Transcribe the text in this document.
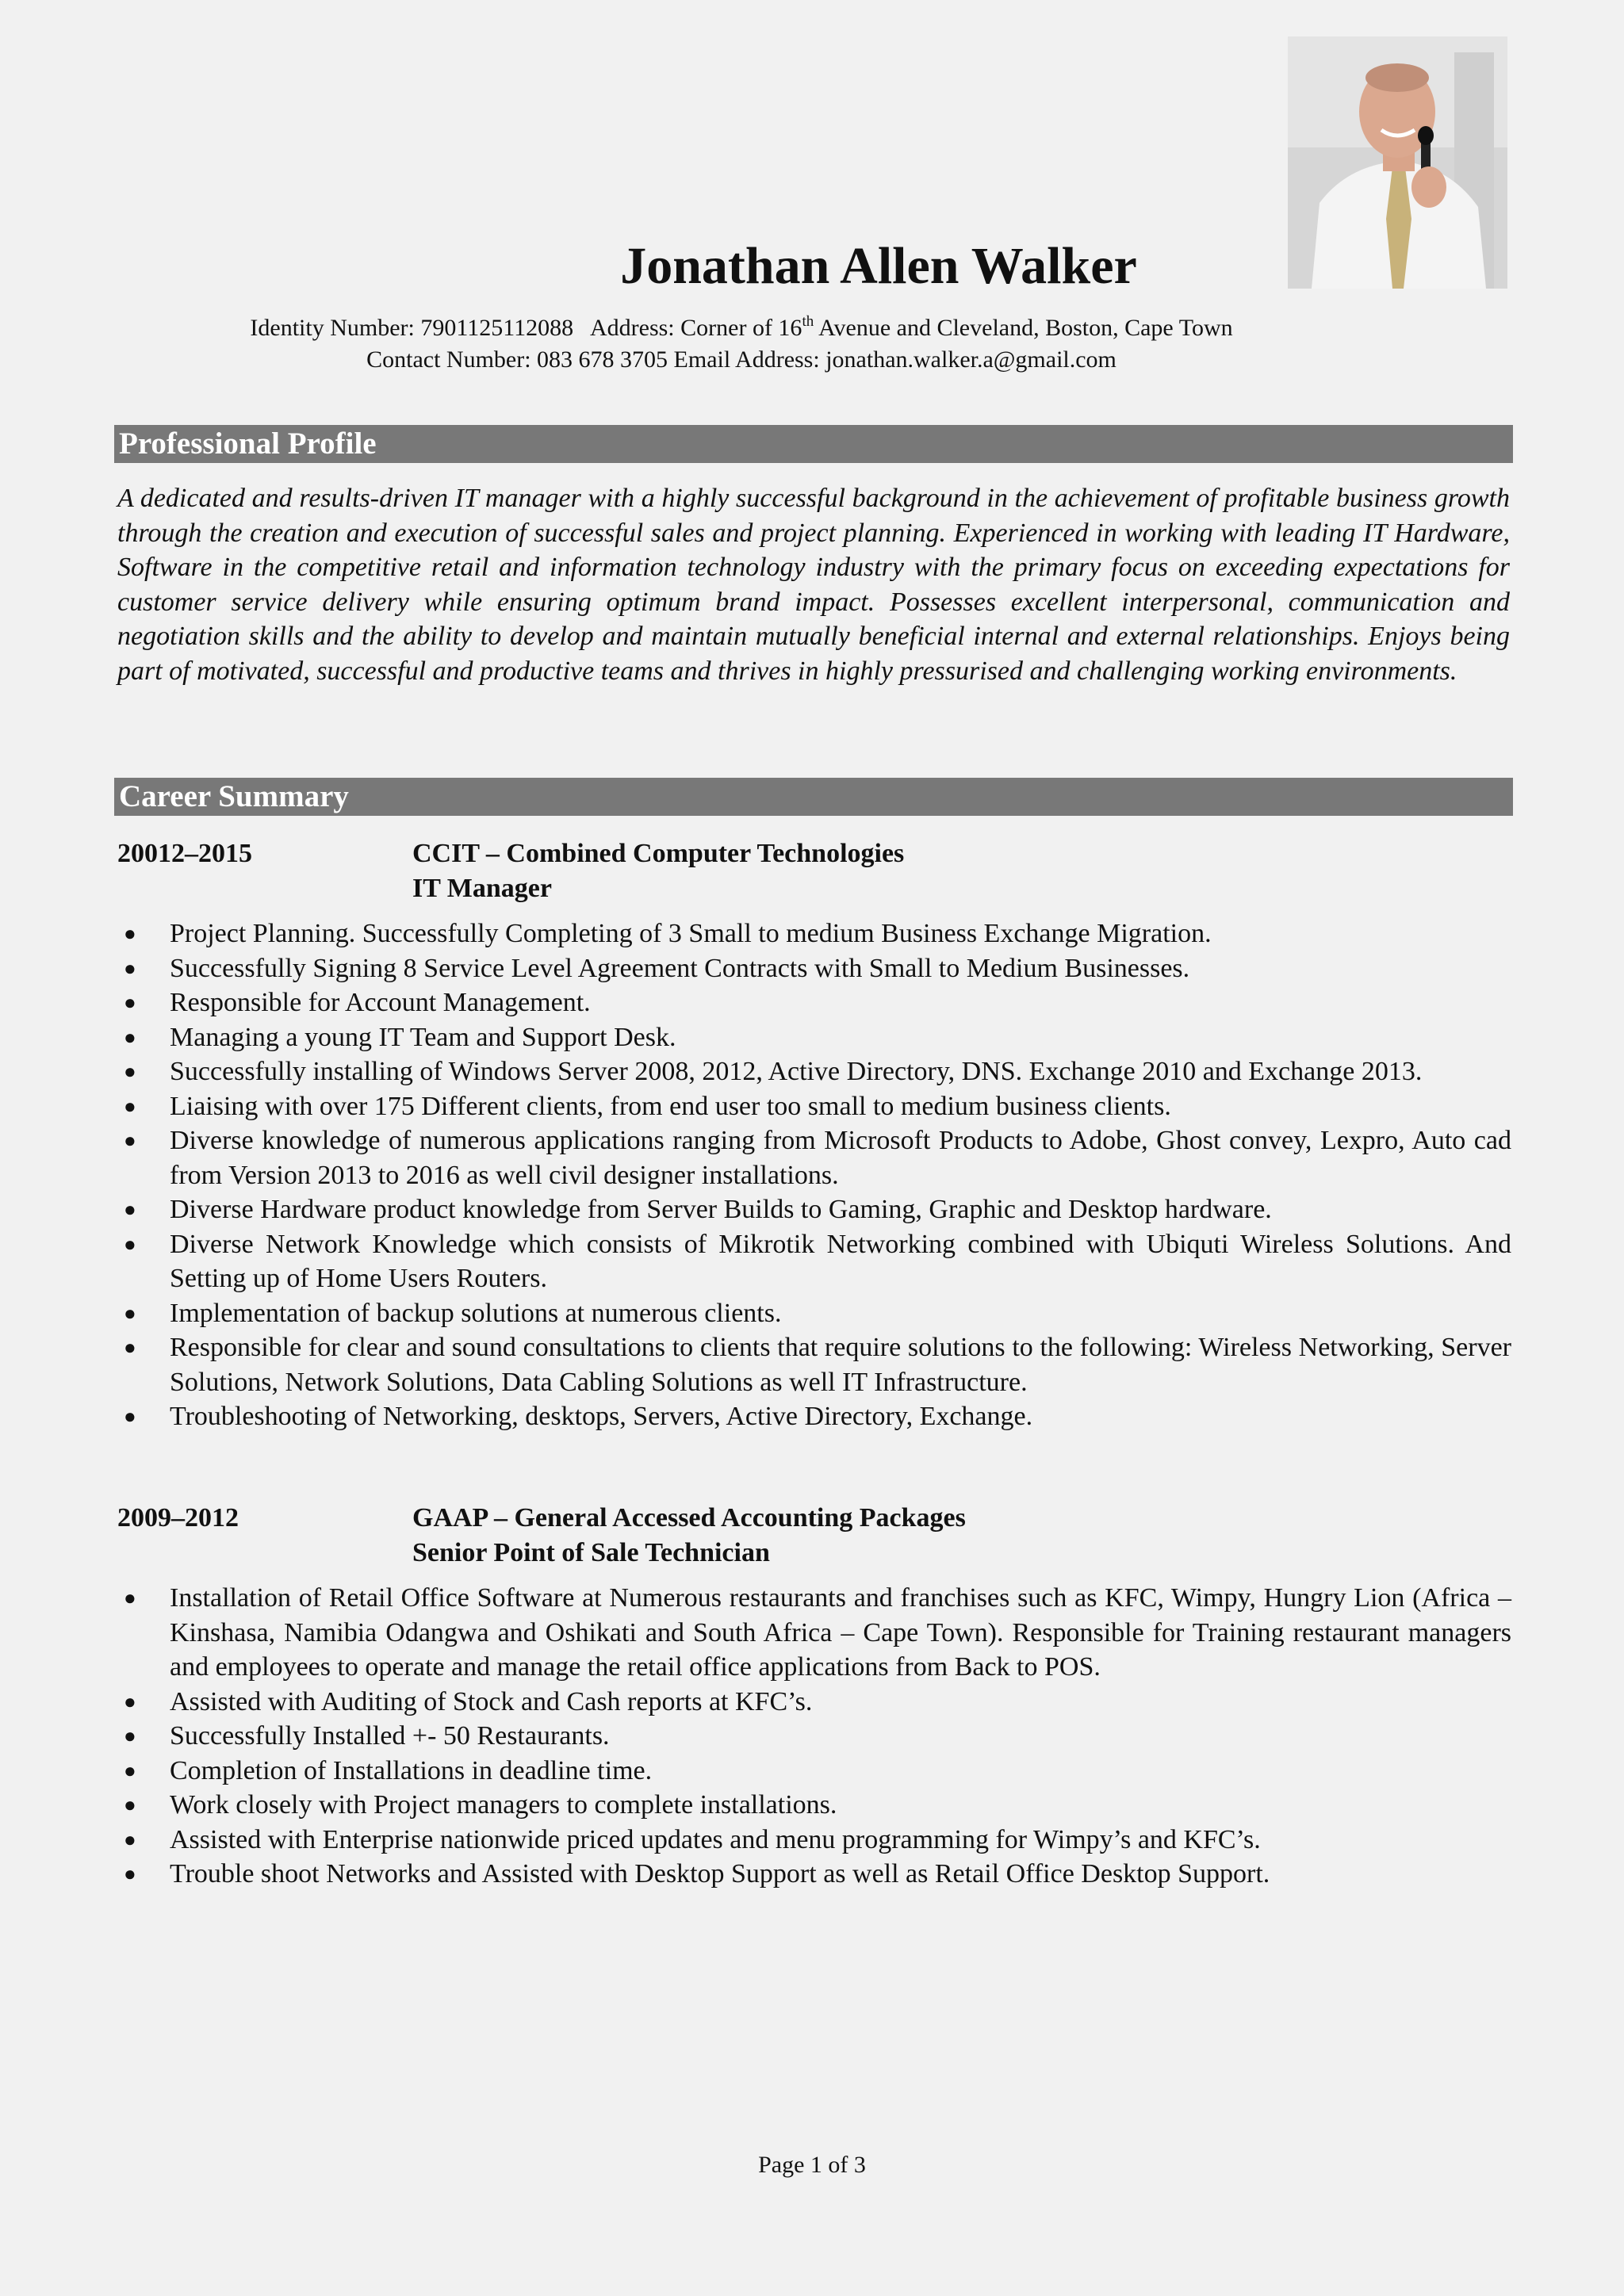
Jonathan Allen Walker
Identity Number: 7901125112088 Address: Corner of 16th Avenue and Cleveland, Boston, Cape Town
Contact Number: 083 678 3705 Email Address: jonathan.walker.a@gmail.com
Professional Profile
A dedicated and results-driven IT manager with a highly successful background in the achievement of profitable business growth through the creation and execution of successful sales and project planning. Experienced in working with leading IT Hardware, Software in the competitive retail and information technology industry with the primary focus on exceeding expectations for customer service delivery while ensuring optimum brand impact. Possesses excellent interpersonal, communication and negotiation skills and the ability to develop and maintain mutually beneficial internal and external relationships. Enjoys being part of motivated, successful and productive teams and thrives in highly pressurised and challenging working environments.
Career Summary
20012–2015	CCIT – Combined Computer Technologies
IT Manager
● Project Planning. Successfully Completing of 3 Small to medium Business Exchange Migration.
● Successfully Signing 8 Service Level Agreement Contracts with Small to Medium Businesses.
● Responsible for Account Management.
● Managing a young IT Team and Support Desk.
● Successfully installing of Windows Server 2008, 2012, Active Directory, DNS. Exchange 2010 and Exchange 2013.
● Liaising with over 175 Different clients, from end user too small to medium business clients.
● Diverse knowledge of numerous applications ranging from Microsoft Products to Adobe, Ghost convey, Lexpro, Auto cad from Version 2013 to 2016 as well civil designer installations.
● Diverse Hardware product knowledge from Server Builds to Gaming, Graphic and Desktop hardware.
● Diverse Network Knowledge which consists of Mikrotik Networking combined with Ubiquti Wireless Solutions. And Setting up of Home Users Routers.
● Implementation of backup solutions at numerous clients.
● Responsible for clear and sound consultations to clients that require solutions to the following: Wireless Networking, Server Solutions, Network Solutions, Data Cabling Solutions as well IT Infrastructure.
● Troubleshooting of Networking, desktops, Servers, Active Directory, Exchange.
2009–2012	GAAP – General Accessed Accounting Packages
Senior Point of Sale Technician
● Installation of Retail Office Software at Numerous restaurants and franchises such as KFC, Wimpy, Hungry Lion (Africa – Kinshasa, Namibia Odangwa and Oshikati and South Africa – Cape Town). Responsible for Training restaurant managers and employees to operate and manage the retail office applications from Back to POS.
● Assisted with Auditing of Stock and Cash reports at KFC’s.
● Successfully Installed +- 50 Restaurants.
● Completion of Installations in deadline time.
● Work closely with Project managers to complete installations.
● Assisted with Enterprise nationwide priced updates and menu programming for Wimpy’s and KFC’s.
● Trouble shoot Networks and Assisted with Desktop Support as well as Retail Office Desktop Support.
Page 1 of 3
